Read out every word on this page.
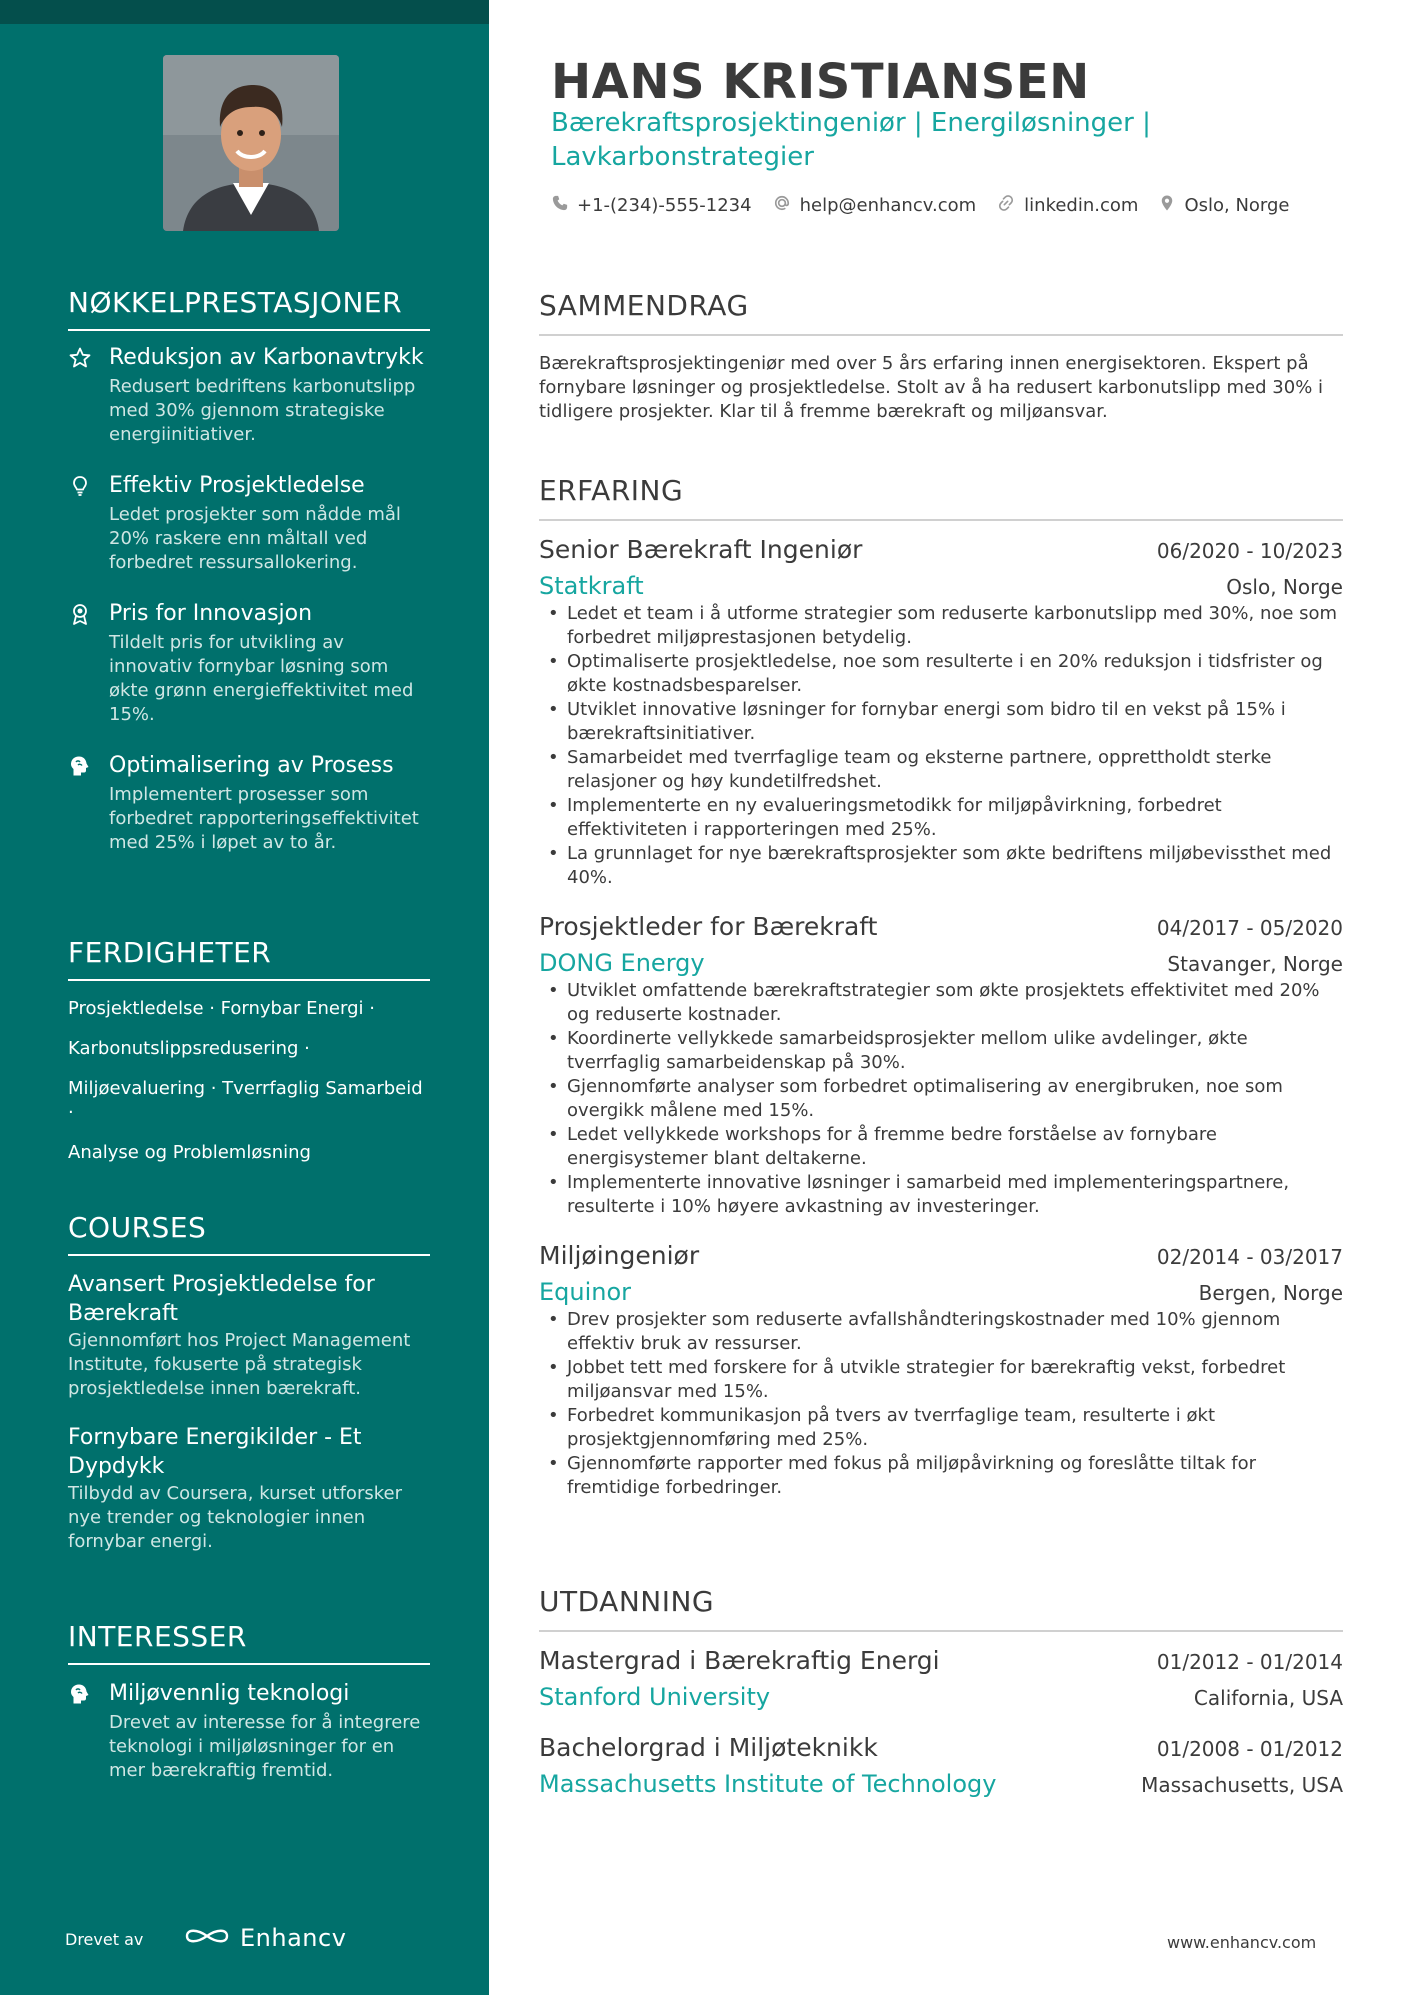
NØKKELPRESTASJONER
Reduksjon av Karbonavtrykk
Redusert bedriftens karbonutslipp med 30% gjennom strategiske energiinitiativer.
Effektiv Prosjektledelse
Ledet prosjekter som nådde mål 20% raskere enn måltall ved forbedret ressursallokering.
Pris for Innovasjon
Tildelt pris for utvikling av innovativ fornybar løsning som økte grønn energieffektivitet med 15%.
Optimalisering av Prosess
Implementert prosesser som forbedret rapporteringseffektivitet med 25% i løpet av to år.
FERDIGHETER
Prosjektledelse · Fornybar Energi ·
Karbonutslippsredusering ·
Miljøevaluering · Tverrfaglig Samarbeid ·
Analyse og Problemløsning
COURSES
Avansert Prosjektledelse for Bærekraft
Gjennomført hos Project Management Institute, fokuserte på strategisk prosjektledelse innen bærekraft.
Fornybare Energikilder - Et Dypdykk
Tilbydd av Coursera, kurset utforsker nye trender og teknologier innen fornybar energi.
INTERESSER
Miljøvennlig teknologi
Drevet av interesse for å integrere teknologi i miljøløsninger for en mer bærekraftig fremtid.
Drevet av	Enhancv
HANS KRISTIANSEN
Bærekraftsprosjektingeniør | Energiløsninger | Lavkarbonstrategier
+1-(234)-555-1234	help@enhancv.com	linkedin.com	Oslo, Norge
SAMMENDRAG
Bærekraftsprosjektingeniør med over 5 års erfaring innen energisektoren. Ekspert på fornybare løsninger og prosjektledelse. Stolt av å ha redusert karbonutslipp med 30% i tidligere prosjekter. Klar til å fremme bærekraft og miljøansvar.
ERFARING
Senior Bærekraft Ingeniør	06/2020 - 10/2023
Statkraft	Oslo, Norge
• Ledet et team i å utforme strategier som reduserte karbonutslipp med 30%, noe som forbedret miljøprestasjonen betydelig.
• Optimaliserte prosjektledelse, noe som resulterte i en 20% reduksjon i tidsfrister og økte kostnadsbesparelser.
• Utviklet innovative løsninger for fornybar energi som bidro til en vekst på 15% i bærekraftsinitiativer.
• Samarbeidet med tverrfaglige team og eksterne partnere, opprettholdt sterke relasjoner og høy kundetilfredshet.
• Implementerte en ny evalueringsmetodikk for miljøpåvirkning, forbedret effektiviteten i rapporteringen med 25%.
• La grunnlaget for nye bærekraftsprosjekter som økte bedriftens miljøbevissthet med 40%.
Prosjektleder for Bærekraft	04/2017 - 05/2020
DONG Energy	Stavanger, Norge
• Utviklet omfattende bærekraftstrategier som økte prosjektets effektivitet med 20% og reduserte kostnader.
• Koordinerte vellykkede samarbeidsprosjekter mellom ulike avdelinger, økte tverrfaglig samarbeidenskap på 30%.
• Gjennomførte analyser som forbedret optimalisering av energibruken, noe som overgikk målene med 15%.
• Ledet vellykkede workshops for å fremme bedre forståelse av fornybare energisystemer blant deltakerne.
• Implementerte innovative løsninger i samarbeid med implementeringspartnere, resulterte i 10% høyere avkastning av investeringer.
Miljøingeniør	02/2014 - 03/2017
Equinor	Bergen, Norge
• Drev prosjekter som reduserte avfallshåndteringskostnader med 10% gjennom effektiv bruk av ressurser.
• Jobbet tett med forskere for å utvikle strategier for bærekraftig vekst, forbedret miljøansvar med 15%.
• Forbedret kommunikasjon på tvers av tverrfaglige team, resulterte i økt prosjektgjennomføring med 25%.
• Gjennomførte rapporter med fokus på miljøpåvirkning og foreslåtte tiltak for fremtidige forbedringer.
UTDANNING
Mastergrad i Bærekraftig Energi	01/2012 - 01/2014
Stanford University	California, USA
Bachelorgrad i Miljøteknikk	01/2008 - 01/2012
Massachusetts Institute of Technology	Massachusetts, USA
www.enhancv.com
